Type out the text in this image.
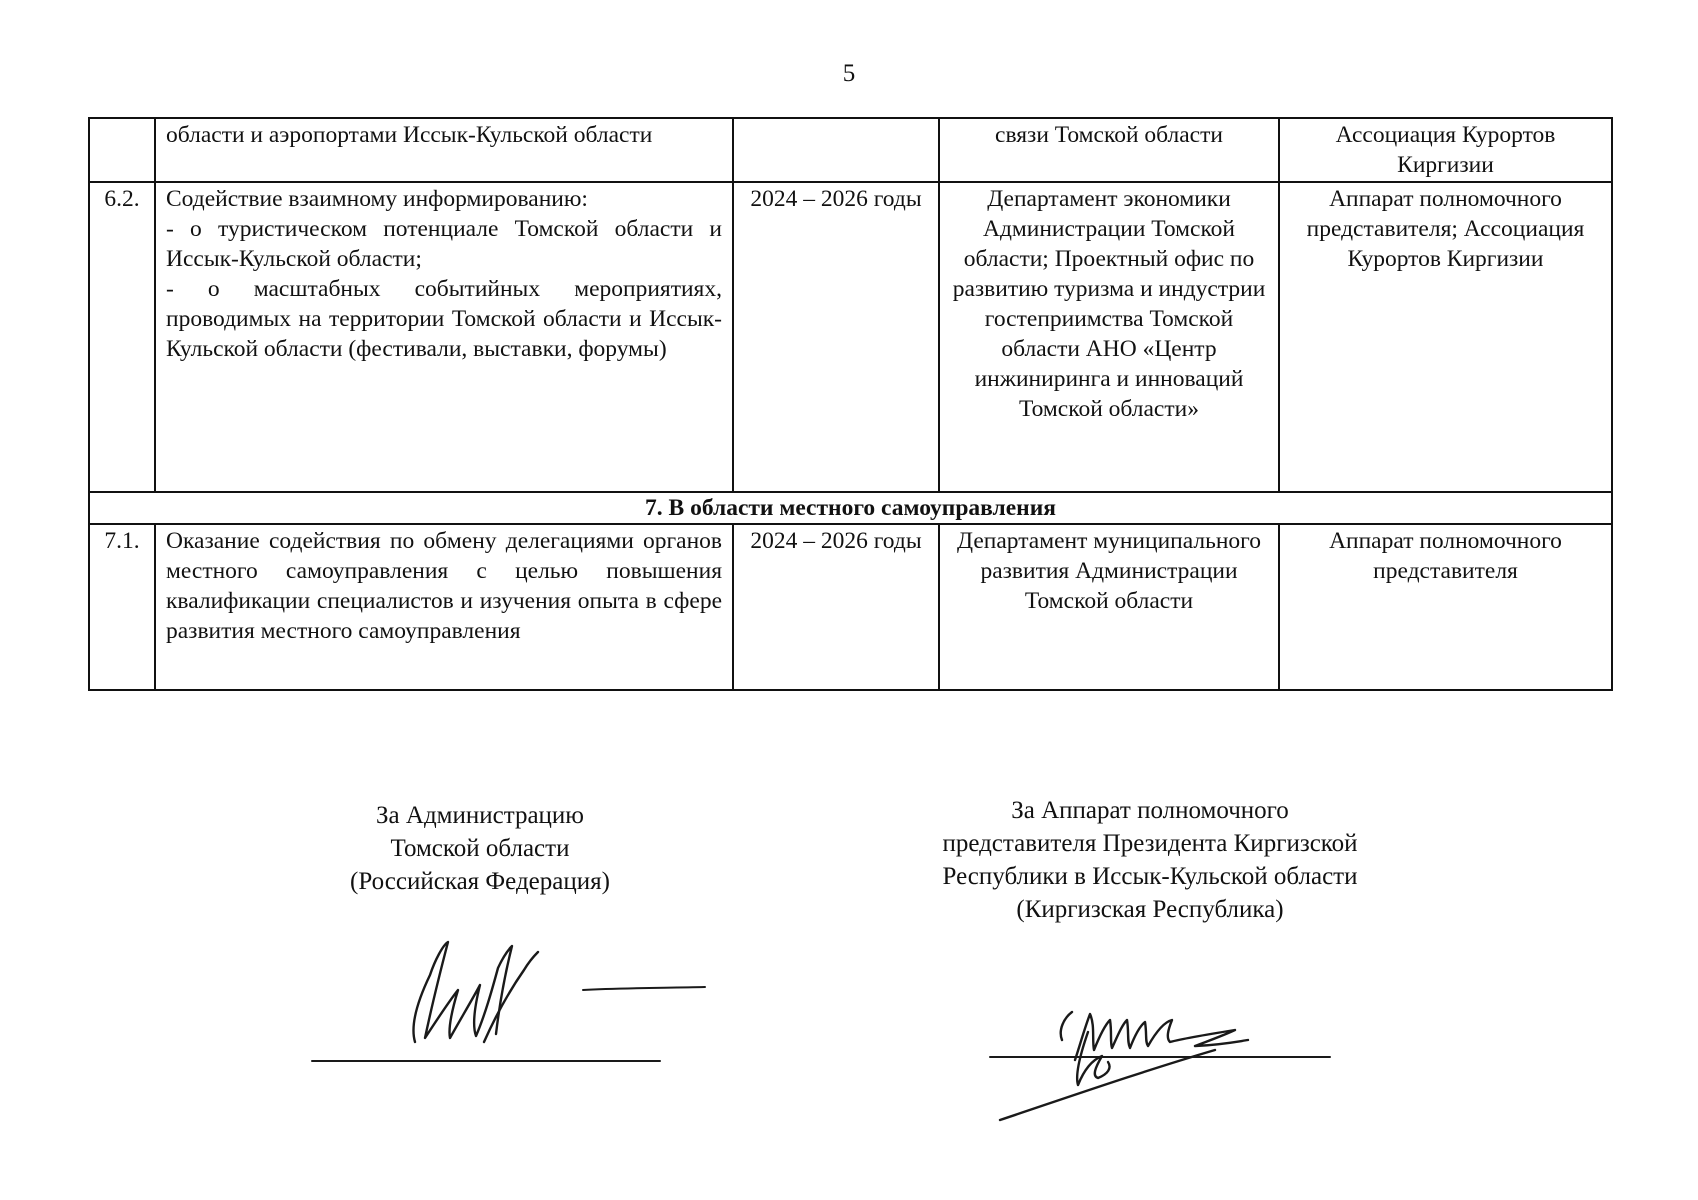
5

	области и аэропортами Иссык-Кульской области		связи Томской области	Ассоциация Курортов Киргизии
6.2.	Содействие взаимному информированию:
- о туристическом потенциале Томской области и Иссык-Кульской области;
- о масштабных событийных мероприятиях, проводимых на территории Томской области и Иссык-Кульской области (фестивали, выставки, форумы)	2024 – 2026 годы	Департамент экономики Администрации Томской области; Проектный офис по развитию туризма и индустрии гостеприимства Томской области АНО «Центр инжиниринга и инноваций Томской области»	Аппарат полномочного представителя; Ассоциация Курортов Киргизии
7. В области местного самоуправления				
7.1.	Оказание содействия по обмену делегациями органов местного самоуправления с целью повышения квалификации специалистов и изучения опыта в сфере развития местного самоуправления	2024 – 2026 годы	Департамент муниципального развития Администрации Томской области	Аппарат полномочного представителя
За Администрацию
Томской области
(Российская Федерация)
За Аппарат полномочного
представителя Президента Киргизской
Республики в Иссык-Кульской области
(Киргизская Республика)
